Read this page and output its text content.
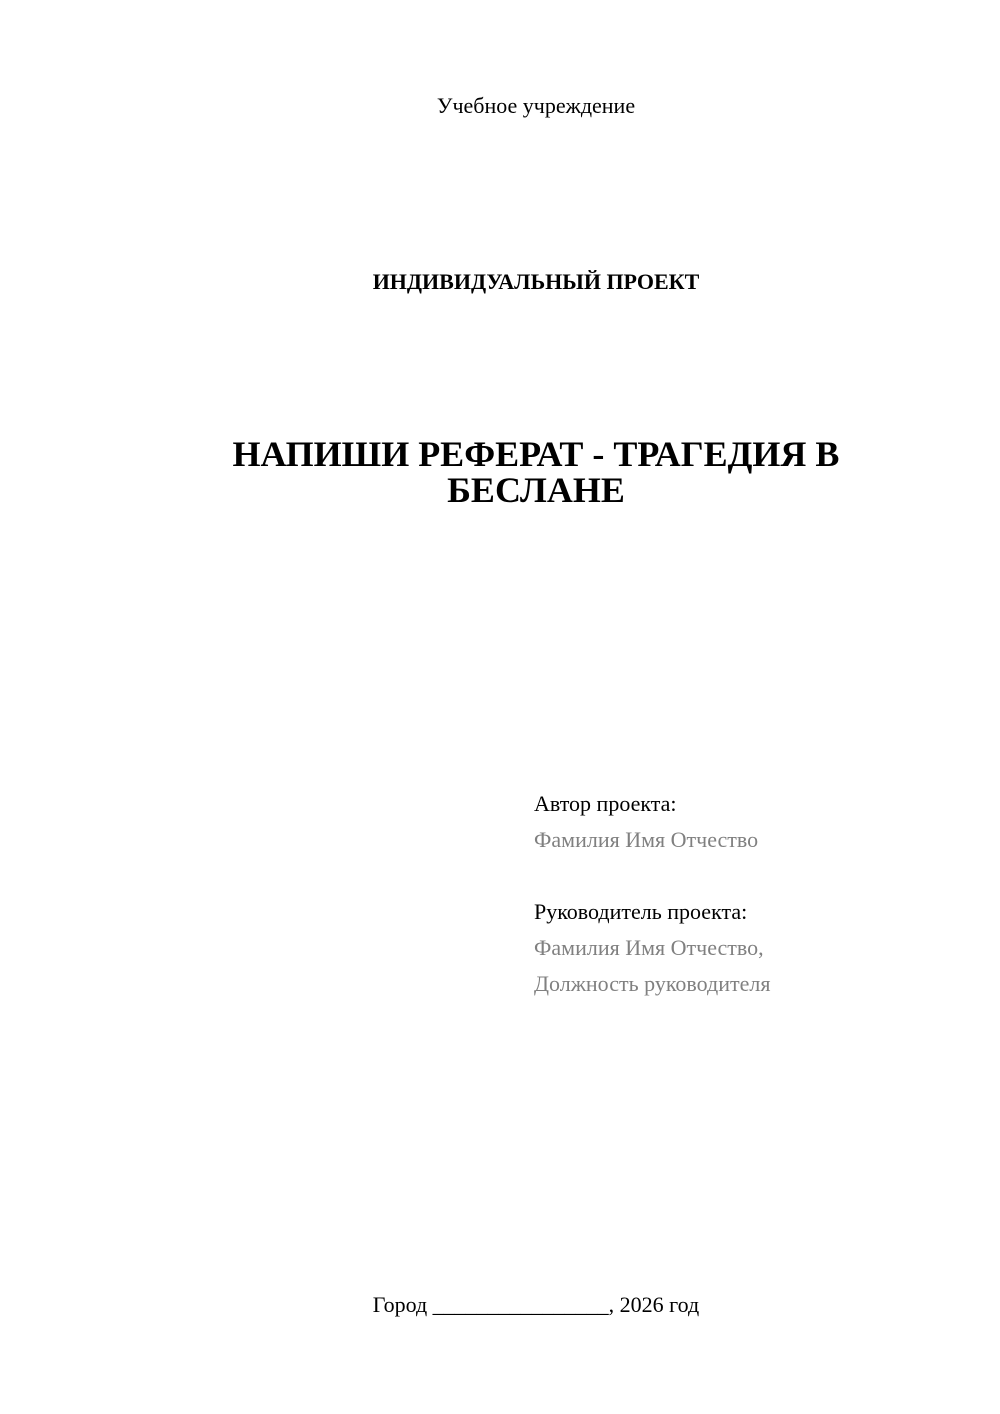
Учебное учреждение
ИНДИВИДУАЛЬНЫЙ ПРОЕКТ
НАПИШИ РЕФЕРАТ - ТРАГЕДИЯ В
БЕСЛАНЕ
Автор проекта:
Фамилия Имя Отчество
Руководитель проекта:
Фамилия Имя Отчество,
Должность руководителя
Город ________________, 2026 год
